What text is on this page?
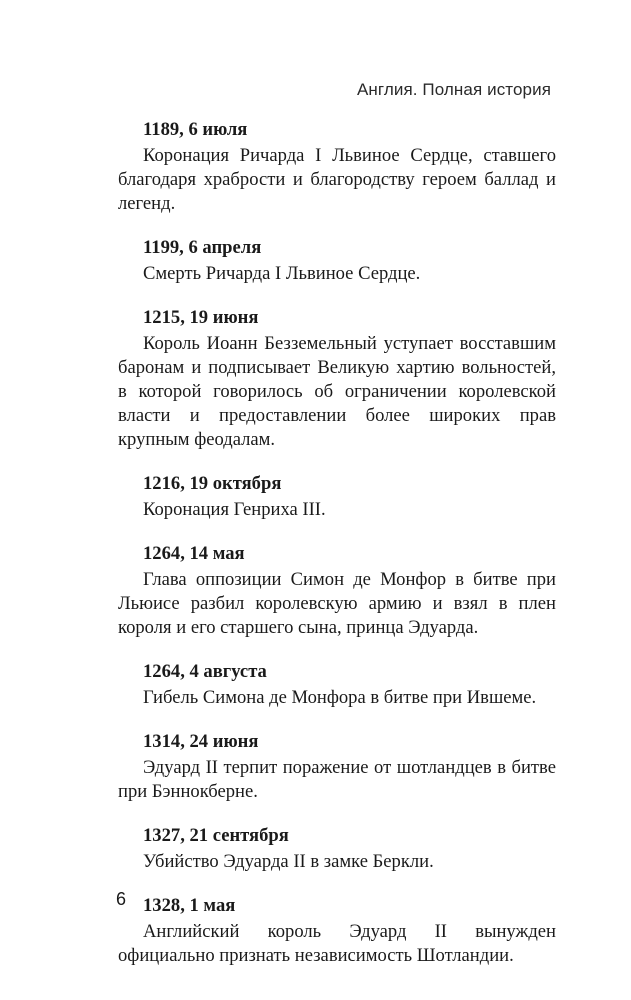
Англия. Полная история
1189, 6 июля

Коронация Ричарда I Львиное Сердце, ставшего благодаря храбрости и благородству героем баллад и легенд.

1199, 6 апреля

Смерть Ричарда I Львиное Сердце.

1215, 19 июня

Король Иоанн Безземельный уступает восставшим баронам и подписывает Великую хартию вольностей, в которой говорилось об ограничении королевской власти и предоставлении более широких прав крупным феодалам.

1216, 19 октября

Коронация Генриха III.

1264, 14 мая

Глава оппозиции Симон де Монфор в битве при Льюисе разбил королевскую армию и взял в плен короля и его старшего сына, принца Эдуарда.

1264, 4 августа

Гибель Симона де Монфора в битве при Ившеме.

1314, 24 июня

Эдуард II терпит поражение от шотландцев в битве при Бэннокберне.

1327, 21 сентября

Убийство Эдуарда II в замке Беркли.

1328, 1 мая

Английский король Эдуард II вынужден официально признать независимость Шотландии.

6
